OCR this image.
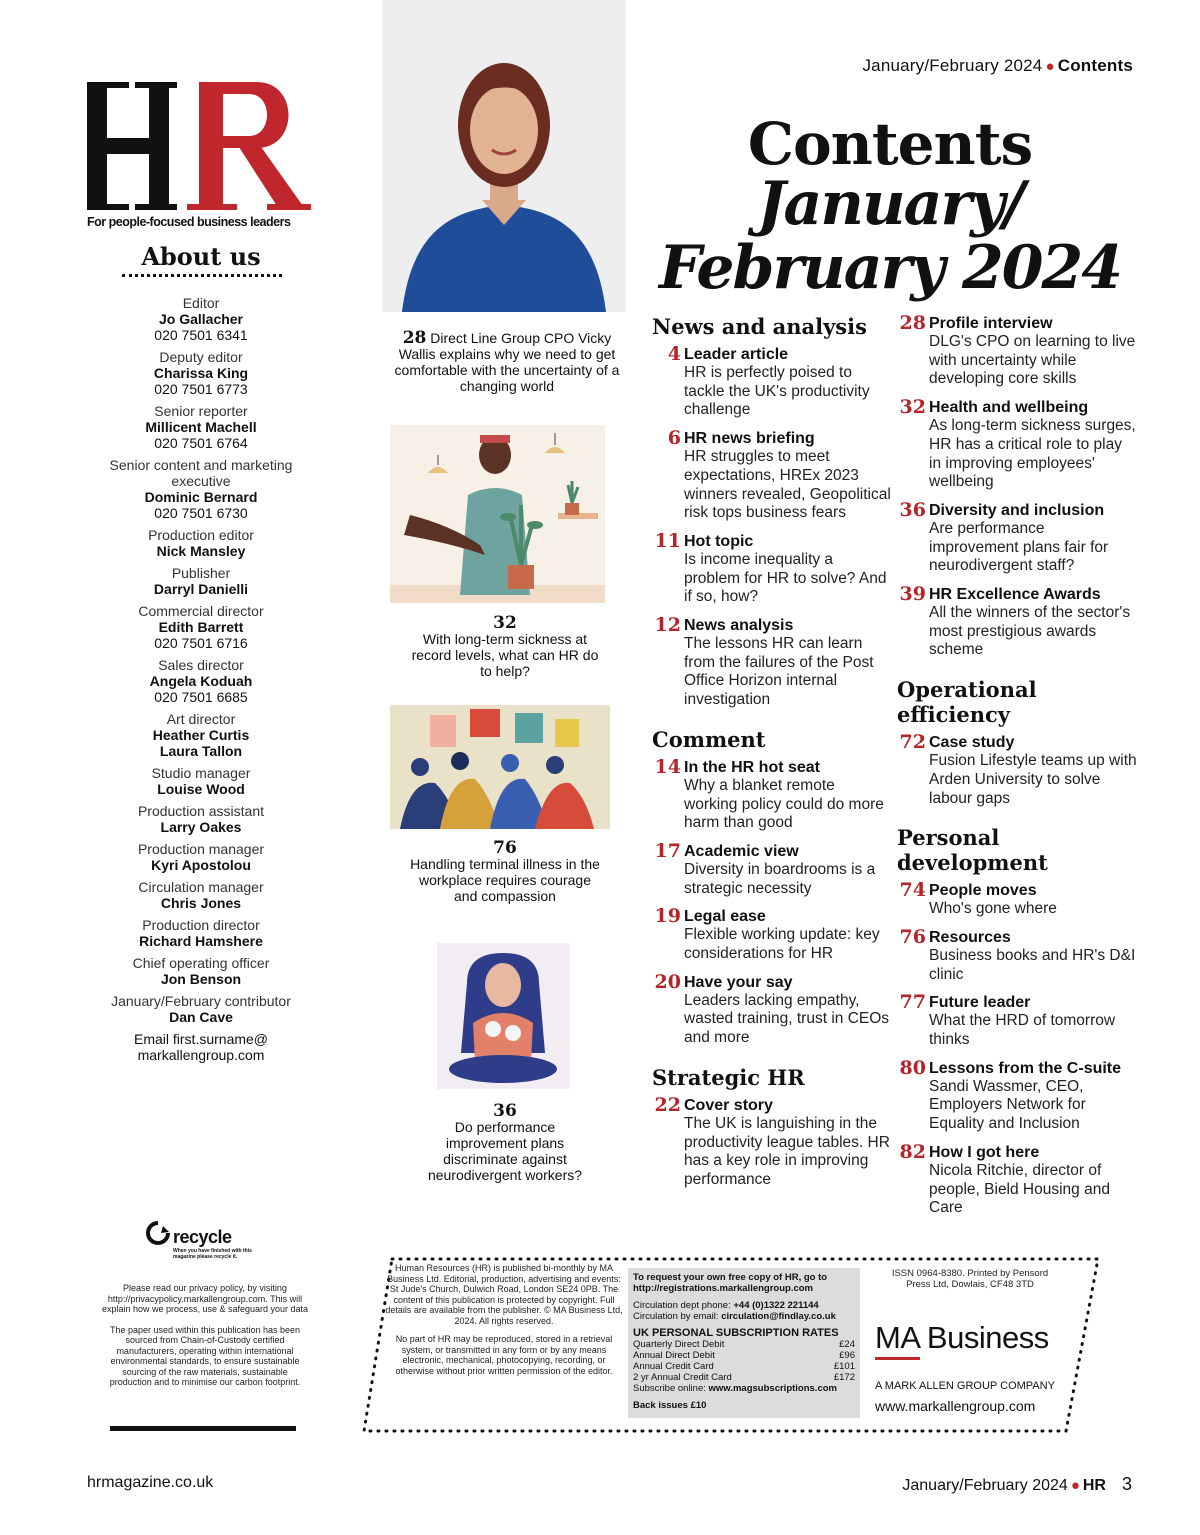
January/February 2024 ● Contents
For people-focused business leaders
About us
Editor
Jo Gallacher
020 7501 6341
Deputy editor
Charissa King
020 7501 6773
Senior reporter
Millicent Machell
020 7501 6764
Senior content and marketing executive
Dominic Bernard
020 7501 6730
Production editor
Nick Mansley
Publisher
Darryl Danielli
Commercial director
Edith Barrett
020 7501 6716
Sales director
Angela Koduah
020 7501 6685
Art director
Heather Curtis
Laura Tallon
Studio manager
Louise Wood
Production assistant
Larry Oakes
Production manager
Kyri Apostolou
Circulation manager
Chris Jones
Production director
Richard Hamshere
Chief operating officer
Jon Benson
January/February contributor
Dan Cave
Email first.surname@ markallengroup.com
recycle
When you have finished with this magazine please recycle it.

Please read our privacy policy, by visiting http://privacypolicy.markallengroup.com. This will explain how we process, use & safeguard your data

The paper used within this publication has been sourced from Chain-of-Custody certified manufacturers, operating within international environmental standards, to ensure sustainable sourcing of the raw materials, sustainable production and to minimise our carbon footprint.

28 Direct Line Group CPO Vicky Wallis explains why we need to get comfortable with the uncertainty of a changing world
32
With long-term sickness at record levels, what can HR do to help?
76
Handling terminal illness in the workplace requires courage and compassion
36
Do performance improvement plans discriminate against neurodivergent workers?
Contents
January/
February 2024
News and analysis
4 Leader article
HR is perfectly poised to tackle the UK's productivity challenge
6 HR news briefing
HR struggles to meet expectations, HREx 2023 winners revealed, Geopolitical risk tops business fears
11 Hot topic
Is income inequality a problem for HR to solve? And if so, how?
12 News analysis
The lessons HR can learn from the failures of the Post Office Horizon internal investigation
Comment
14 In the HR hot seat
Why a blanket remote working policy could do more harm than good
17 Academic view
Diversity in boardrooms is a strategic necessity
19 Legal ease
Flexible working update: key considerations for HR
20 Have your say
Leaders lacking empathy, wasted training, trust in CEOs and more
Strategic HR
22 Cover story
The UK is languishing in the productivity league tables. HR has a key role in improving performance
28 Profile interview
DLG's CPO on learning to live with uncertainty while developing core skills
32 Health and wellbeing
As long-term sickness surges, HR has a critical role to play in improving employees' wellbeing
36 Diversity and inclusion
Are performance improvement plans fair for neurodivergent staff?
39 HR Excellence Awards
All the winners of the sector's most prestigious awards scheme
Operational efficiency
72 Case study
Fusion Lifestyle teams up with Arden University to solve labour gaps
Personal development
74 People moves
Who's gone where
76 Resources
Business books and HR's D&I clinic
77 Future leader
What the HRD of tomorrow thinks
80 Lessons from the C-suite
Sandi Wassmer, CEO, Employers Network for Equality and Inclusion
82 How I got here
Nicola Ritchie, director of people, Bield Housing and Care

Human Resources (HR) is published bi-monthly by MA Business Ltd. Editorial, production, advertising and events: St Jude's Church, Dulwich Road, London SE24 0PB. The content of this publication is protected by copyright. Full details are available from the publisher. © MA Business Ltd, 2024. All rights reserved.

No part of HR may be reproduced, stored in a retrieval system, or transmitted in any form or by any means electronic, mechanical, photocopying, recording, or otherwise without prior written permission of the editor.

To request your own free copy of HR, go to http://registrations.markallengroup.com
Circulation dept phone: +44 (0)1322 221144
Circulation by email: circulation@findlay.co.uk
UK PERSONAL SUBSCRIPTION RATES
Quarterly Direct Debit	£24
Annual Direct Debit	£96
Annual Credit Card	£101
2 yr Annual Credit Card	£172
Subscribe online: www.magsubscriptions.com
Back issues £10
ISSN 0964-8380. Printed by Pensord Press Ltd, Dowlais, CF48 3TD
MA Business
A MARK ALLEN GROUP COMPANY
www.markallengroup.com
hrmagazine.co.uk	January/February 2024 ● HR 3
